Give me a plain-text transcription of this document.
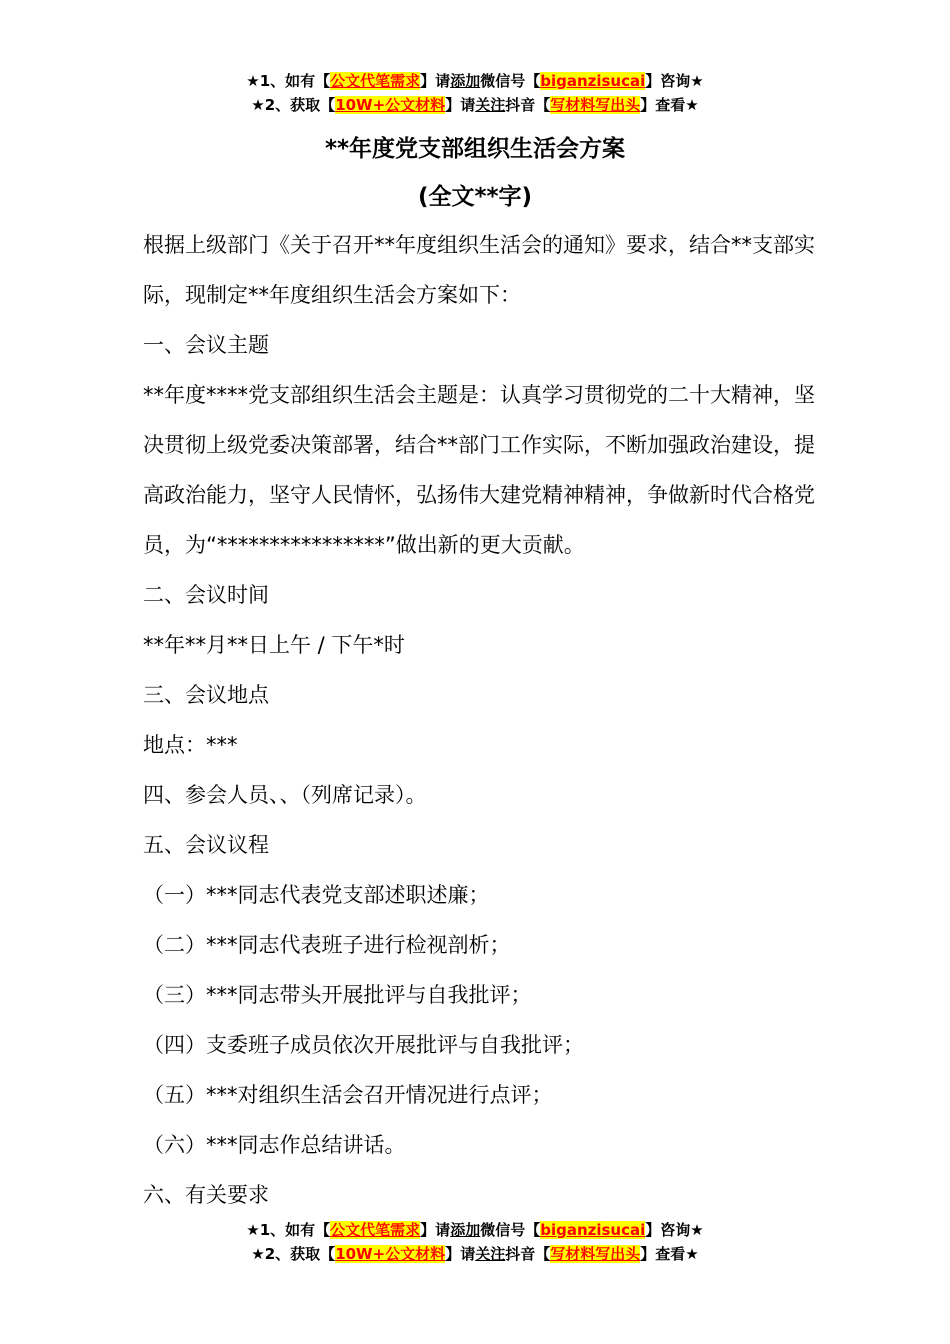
★1、如有【公文代笔需求】请添加微信号【biganzisucai】咨询★
★2、获取【10W+公文材料】请关注抖音【写材料写出头】查看★
**年度党支部组织生活会方案
(全文**字)

根据上级部门《关于召开**年度组织生活会的通知》要求，结合**支部实际，现制定**年度组织生活会方案如下：

一、会议主题

**年度****党支部组织生活会主题是：认真学习贯彻党的二十大精神，坚决贯彻上级党委决策部署，结合**部门工作实际，不断加强政治建设，提高政治能力，坚守人民情怀，弘扬伟大建党精神精神，争做新时代合格党员，为“****************”做出新的更大贡献。

二、会议时间

**年**月**日上午 / 下午*时

三、会议地点

地点：***

四、参会人员、、（列席记录）。

五、会议议程

（一）***同志代表党支部述职述廉；

（二）***同志代表班子进行检视剖析；

（三）***同志带头开展批评与自我批评；

（四）支委班子成员依次开展批评与自我批评；

（五）***对组织生活会召开情况进行点评；

（六）***同志作总结讲话。

六、有关要求

★1、如有【公文代笔需求】请添加微信号【biganzisucai】咨询★
★2、获取【10W+公文材料】请关注抖音【写材料写出头】查看★
